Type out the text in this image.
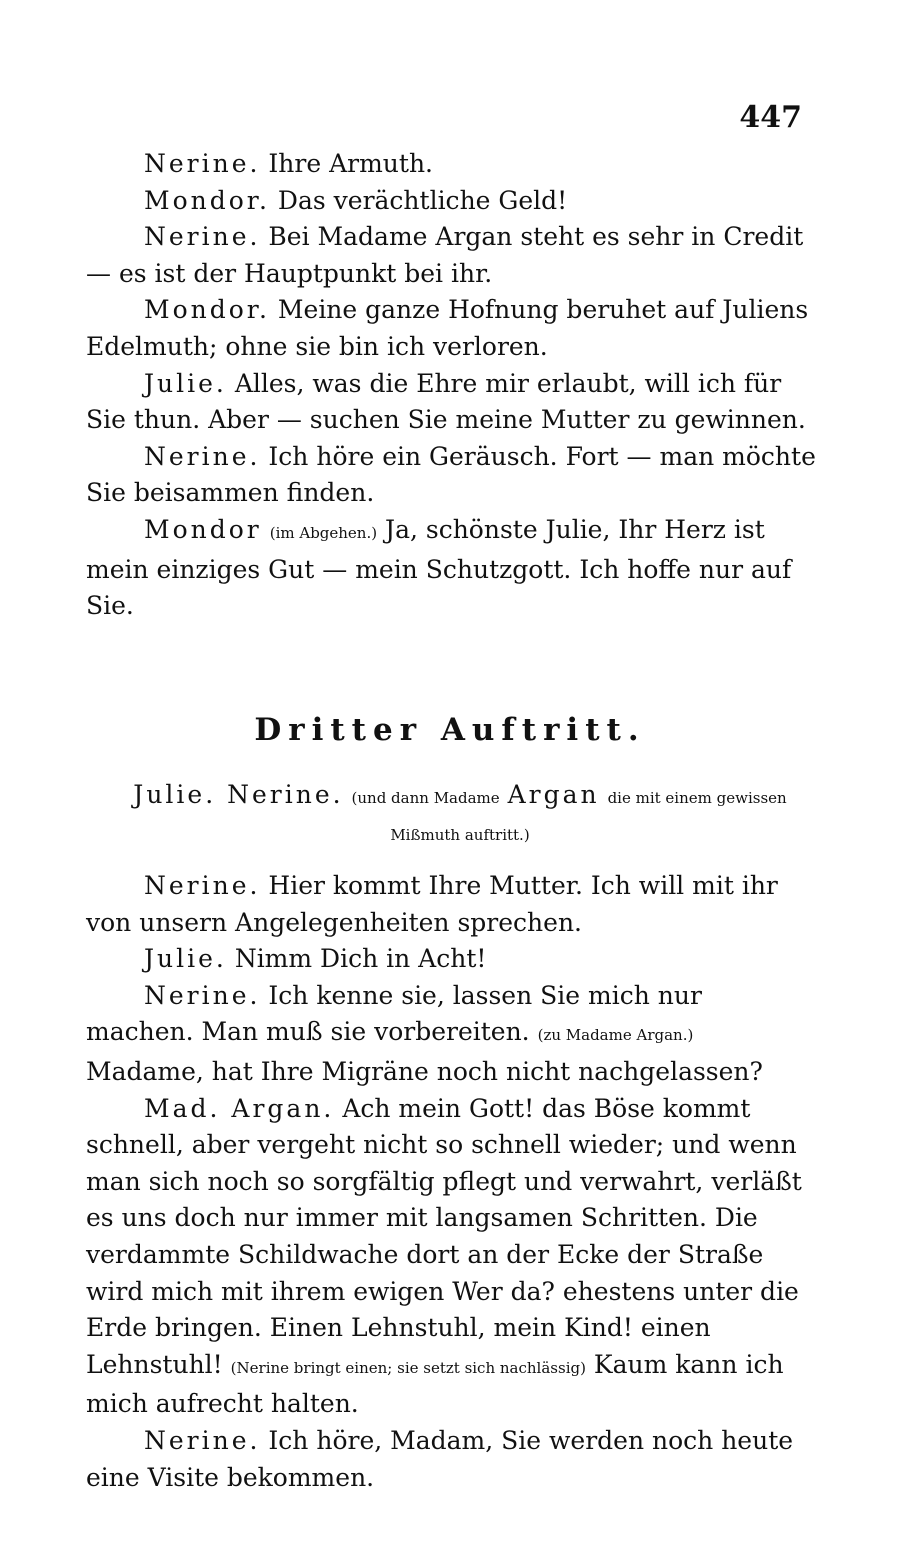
447

Nerine. Ihre Armuth.

Mondor. Das verächtliche Geld!

Nerine. Bei Madame Argan steht es sehr in Credit — es ist der Hauptpunkt bei ihr.

Mondor. Meine ganze Hofnung beruhet auf Juliens Edelmuth; ohne sie bin ich verloren.

Julie. Alles, was die Ehre mir erlaubt, will ich für Sie thun. Aber — suchen Sie meine Mutter zu gewinnen.

Nerine. Ich höre ein Geräusch. Fort — man möchte Sie beisammen finden.

Mondor (im Abgehen.) Ja, schönste Julie, Ihr Herz ist mein einziges Gut — mein Schutzgott. Ich hoffe nur auf Sie.

Dritter Auftritt.
Julie. Nerine. (und dann Madame Argan die mit einem gewissen Mißmuth auftritt.)

Nerine. Hier kommt Ihre Mutter. Ich will mit ihr von unsern Angelegenheiten sprechen.

Julie. Nimm Dich in Acht!

Nerine. Ich kenne sie, lassen Sie mich nur machen. Man muß sie vorbereiten. (zu Madame Argan.) Madame, hat Ihre Migräne noch nicht nachgelassen?

Mad. Argan. Ach mein Gott! das Böse kommt schnell, aber vergeht nicht so schnell wieder; und wenn man sich noch so sorgfältig pflegt und verwahrt, verläßt es uns doch nur immer mit langsamen Schritten. Die verdammte Schildwache dort an der Ecke der Straße wird mich mit ihrem ewigen Wer da? ehestens unter die Erde bringen. Einen Lehnstuhl, mein Kind! einen Lehnstuhl! (Nerine bringt einen; sie setzt sich nachlässig) Kaum kann ich mich aufrecht halten.

Nerine. Ich höre, Madam, Sie werden noch heute eine Visite bekommen.
